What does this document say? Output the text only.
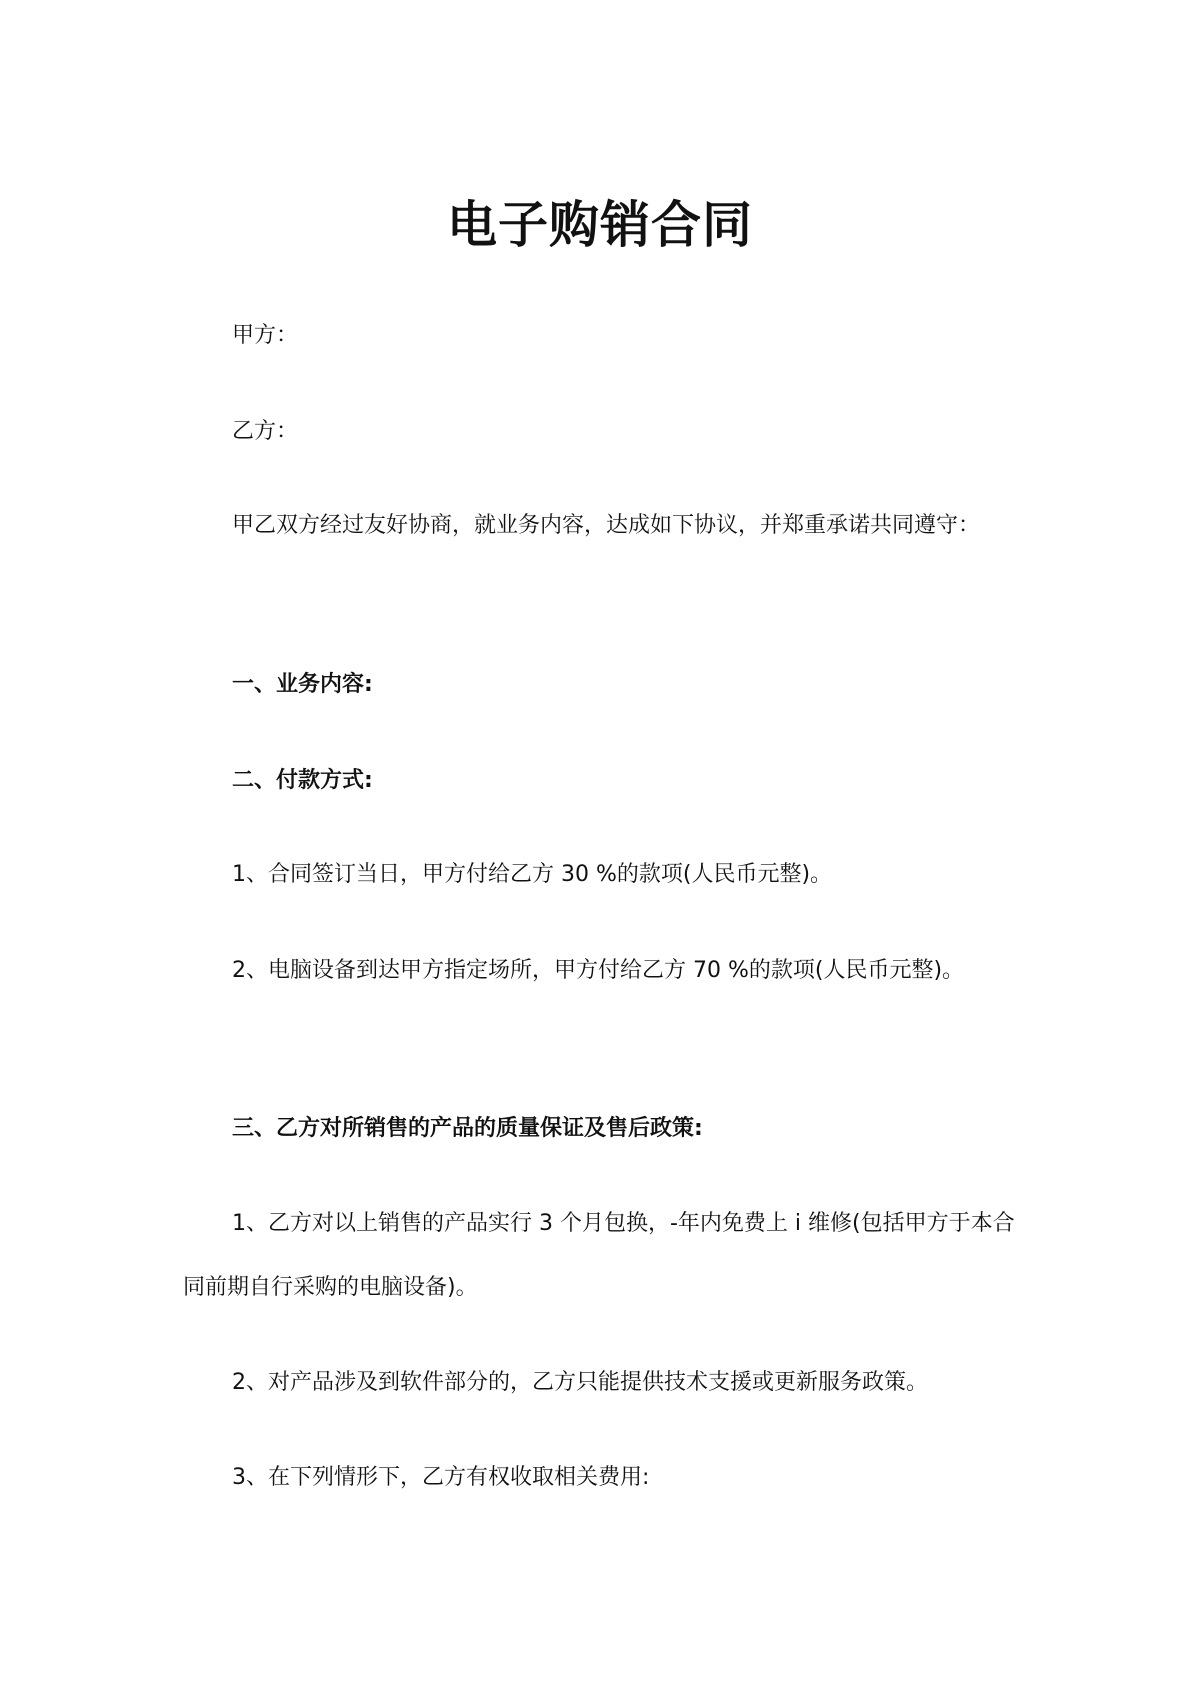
电子购销合同

甲方：

乙方：

甲乙双方经过友好协商，就业务内容，达成如下协议，并郑重承诺共同遵守：

一、业务内容:

二、付款方式:

1、合同签订当日，甲方付给乙方 30 %的款项(人民币元整)。

2、电脑设备到达甲方指定场所，甲方付给乙方 70 %的款项(人民币元整)。

三、乙方对所销售的产品的质量保证及售后政策:

1、乙方对以上销售的产品实行 3 个月包换，-年内免费上 i 维修(包括甲方于本合同前期自行采购的电脑设备)。

2、对产品涉及到软件部分的，乙方只能提供技术支援或更新服务政策。

3、在下列情形下，乙方有权收取相关费用:
